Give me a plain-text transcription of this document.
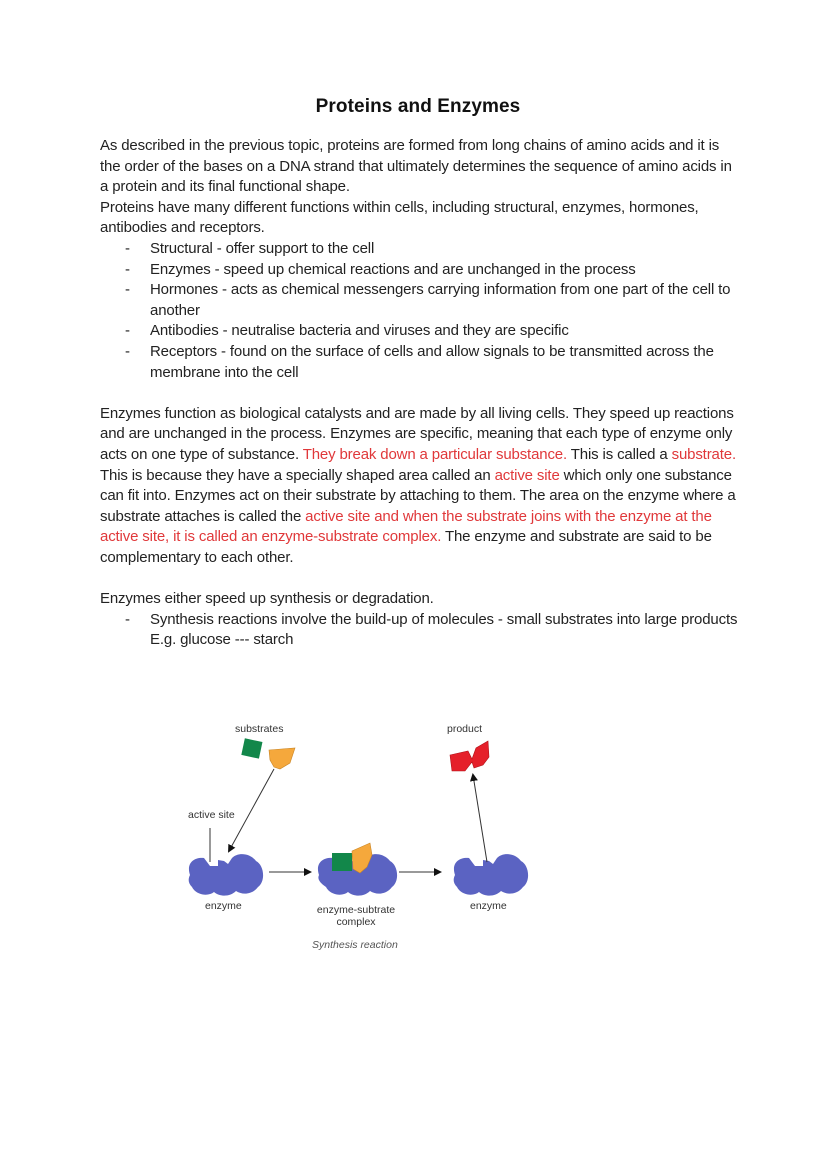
Proteins and Enzymes

As described in the previous topic, proteins are formed from long chains of amino acids and it is the order of the bases on a DNA strand that ultimately determines the sequence of amino acids in a protein and its final functional shape.

Proteins have many different functions within cells, including structural, enzymes, hormones, antibodies and receptors.

- Structural - offer support to the cell
- Enzymes - speed up chemical reactions and are unchanged in the process
- Hormones - acts as chemical messengers carrying information from one part of the cell to another
- Antibodies - neutralise bacteria and viruses and they are specific
- Receptors - found on the surface of cells and allow signals to be transmitted across the membrane into the cell

Enzymes function as biological catalysts and are made by all living cells. They speed up reactions and are unchanged in the process. Enzymes are specific, meaning that each type of enzyme only acts on one type of substance. They break down a particular substance. This is called a substrate. This is because they have a specially shaped area called an active site which only one substance can fit into. Enzymes act on their substrate by attaching to them. The area on the enzyme where a substrate attaches is called the active site and when the substrate joins with the enzyme at the active site, it is called an enzyme-substrate complex. The enzyme and substrate are said to be complementary to each other.

Enzymes either speed up synthesis or degradation.

- Synthesis reactions involve the build-up of molecules - small substrates into large products
E.g. glucose --- starch
substrates
active site
enzyme	enzyme-subtrate
complex
product
enzyme
Synthesis reaction
